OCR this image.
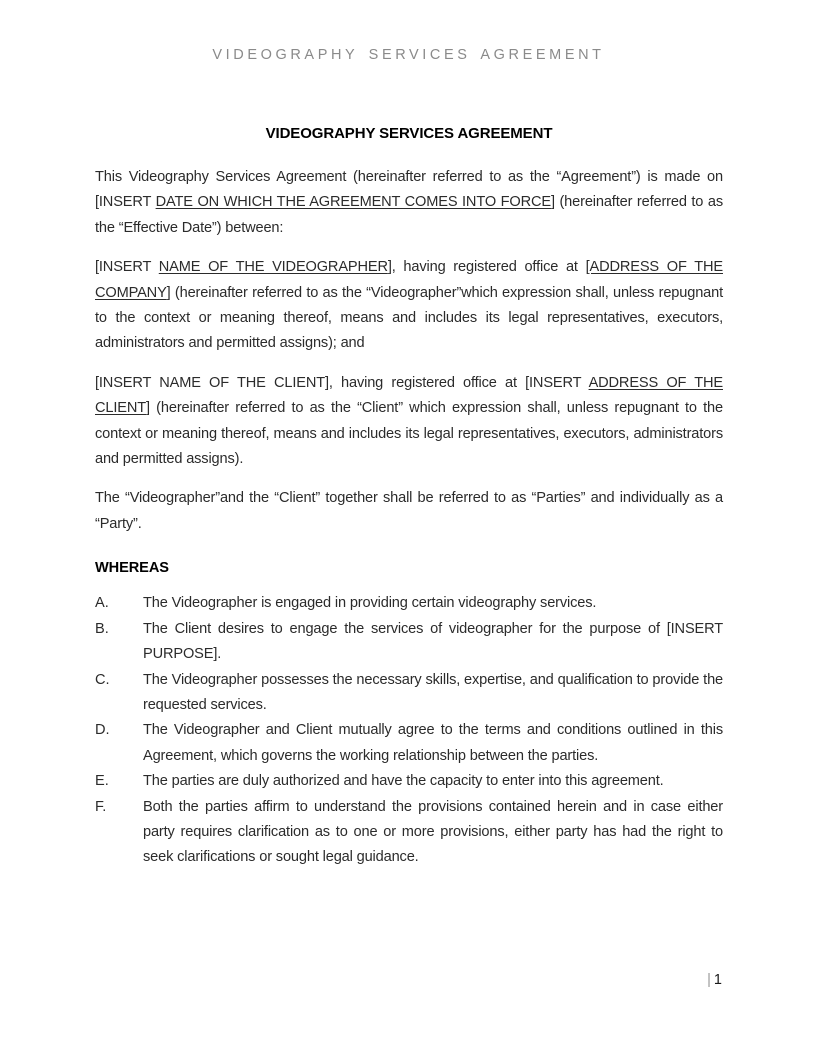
VIDEOGRAPHY SERVICES AGREEMENT
VIDEOGRAPHY SERVICES AGREEMENT

This Videography Services Agreement (hereinafter referred to as the “Agreement”) is made on [INSERT DATE ON WHICH THE AGREEMENT COMES INTO FORCE] (hereinafter referred to as the “Effective Date”) between:

[INSERT NAME OF THE VIDEOGRAPHER], having registered office at [ADDRESS OF THE COMPANY] (hereinafter referred to as the “Videographer”which expression shall, unless repugnant to the context or meaning thereof, means and includes its legal representatives, executors, administrators and permitted assigns); and

[INSERT NAME OF THE CLIENT], having registered office at [INSERT ADDRESS OF THE CLIENT] (hereinafter referred to as the “Client” which expression shall, unless repugnant to the context or meaning thereof, means and includes its legal representatives, executors, administrators and permitted assigns).

The “Videographer”and the “Client” together shall be referred to as “Parties” and individually as a “Party”.

WHEREAS
A.	The Videographer is engaged in providing certain videography services.
B.	The Client desires to engage the services of videographer for the purpose of [INSERT PURPOSE].
C.	The Videographer possesses the necessary skills, expertise, and qualification to provide the requested services.
D.	The Videographer and Client mutually agree to the terms and conditions outlined in this Agreement, which governs the working relationship between the parties.
E.	The parties are duly authorized and have the capacity to enter into this agreement.
F.	Both the parties affirm to understand the provisions contained herein and in case either party requires clarification as to one or more provisions, either party has had the right to seek clarifications or sought legal guidance.
| 1
